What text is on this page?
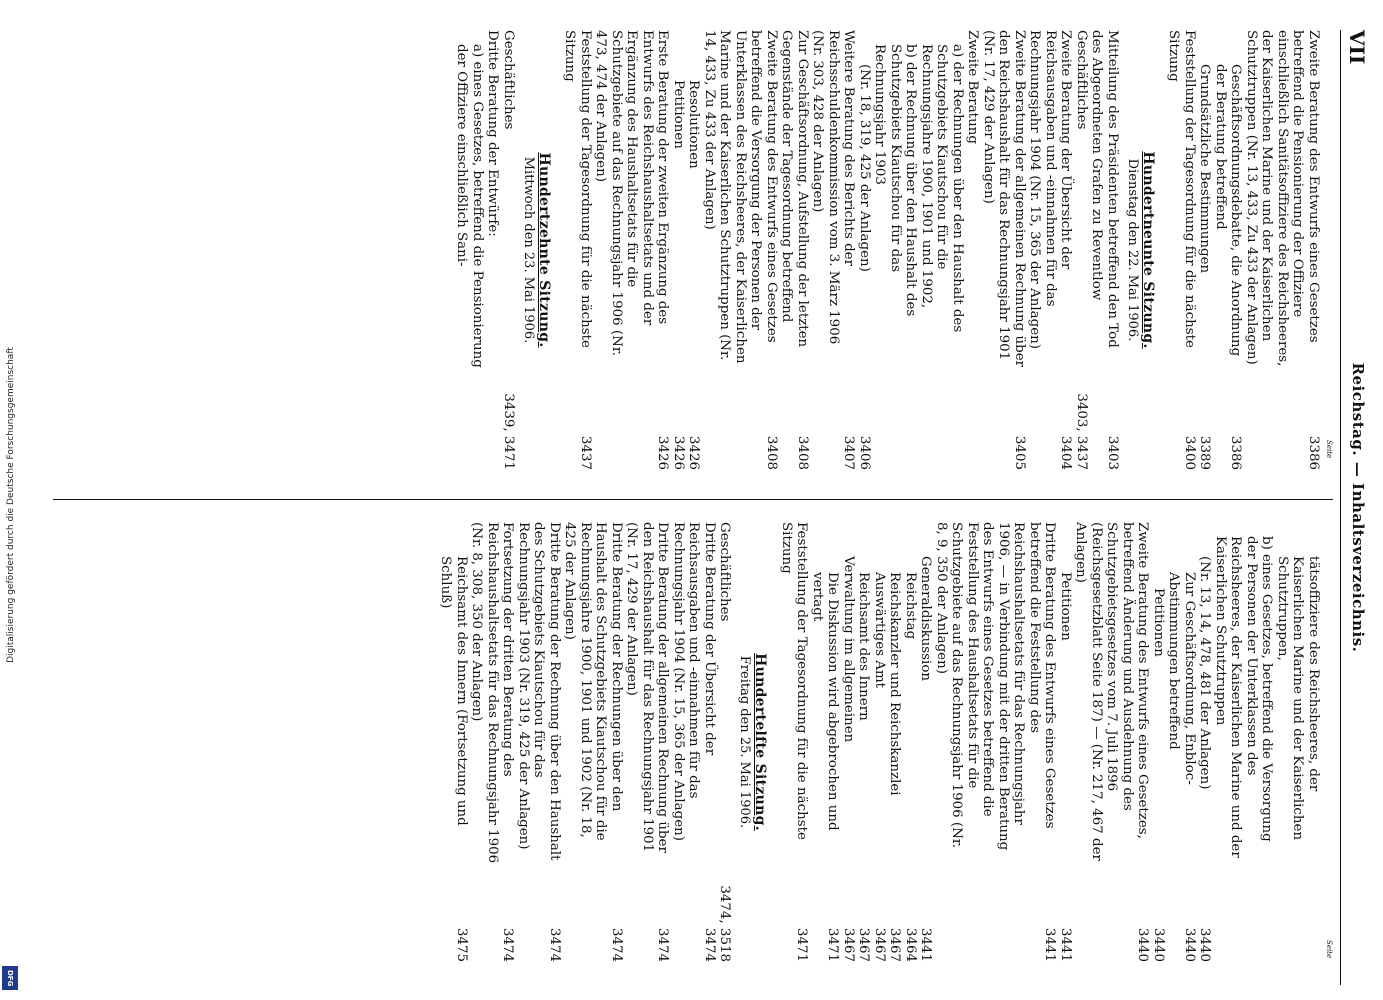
Digitalisierung gefördert durch die Deutsche Forschungsgemeinschaft
DFG
VII
Reichstag. — Inhaltsverzeichnis.
Seite
Seite
Zweite Beratung des Entwurfs eines Gesetzes betreffend die Pensionierung der Offiziere einschließlich Sanitätsoffiziere des Reichsheeres, der Kaiserlichen Marine und der Kaiserlichen Schutztruppen (Nr. 13, 433, Zu 433 der Anlagen)
3386
Geschäftsordnungsdebatte, die Anordnung der Beratung betreffend
3386
Grundsätzliche Bestimmungen
3389
Feststellung der Tagesordnung für die nächste Sitzung
3400
Hundertneunte Sitzung.
Dienstag den 22. Mai 1906.
Mitteilung des Präsidenten betreffend den Tod des Abgeordneten Grafen zu Reventlow
3403
Geschäftliches
3403, 3437
Zweite Beratung der Übersicht der Reichsausgaben und -einnahmen für das Rechnungsjahr 1904 (Nr. 15, 365 der Anlagen)
3404
Zweite Beratung der allgemeinen Rechnung über den Reichshaushalt für das Rechnungsjahr 1901 (Nr. 17, 429 der Anlagen)
3405
Zweite Beratung
a) der Rechnungen über den Haushalt des Schutzgebiets Kiautschou für die Rechnungsjahre 1900, 1901 und 1902,
b) der Rechnung über den Haushalt des Schutzgebiets Kiautschou für das Rechnungsjahr 1903
(Nr. 18, 319, 425 der Anlagen)
3406
Weitere Beratung des Berichts der Reichsschuldenkommission vom 3. März 1906 (Nr. 303, 428 der Anlagen)
3407
Zur Geschäftsordnung, Aufstellung der letzten Gegenstände der Tagesordnung betreffend
3408
Zweite Beratung des Entwurfs eines Gesetzes betreffend die Versorgung der Personen der Unterklassen des Reichsheeres, der Kaiserlichen Marine und der Kaiserlichen Schutztruppen (Nr. 14, 433, Zu 433 der Anlagen)
3408
Resolutionen
3426
Petitionen
3426
Erste Beratung der zweiten Ergänzung des Entwurfs des Reichshaushaltsetats und der Ergänzung des Haushaltsetats für die Schutzgebiete auf das Rechnungsjahr 1906 (Nr. 473, 474 der Anlagen)
3426
Feststellung der Tagesordnung für die nächste Sitzung
3437
Hundertzehnte Sitzung.
Mittwoch den 23. Mai 1906.
Geschäftliches
3439, 3471
Dritte Beratung der Entwürfe:
a) eines Gesetzes, betreffend die Pensionierung der Offiziere einschließlich Sani-
tätsoffiziere des Reichsheeres, der Kaiserlichen Marine und der Kaiserlichen Schutztruppen,
b) eines Gesetzes, betreffend die Versorgung der Personen der Unterklassen des Reichsheeres, der Kaiserlichen Marine und der Kaiserlichen Schutztruppen
(Nr. 13, 14, 478, 481 der Anlagen)
3440
Zur Geschäftsordnung, Enbloc-Abstimmungen betreffend
3440
Petitionen
3440
Zweite Beratung des Entwurfs eines Gesetzes, betreffend Änderung und Ausdehnung des Schutzgebietsgesetzes vom 7. Juli 1896 (Reichsgesetzblatt Seite 187) — (Nr. 217, 467 der Anlagen)
3440
Petitionen
3441
Dritte Beratung des Entwurfs eines Gesetzes betreffend die Feststellung des Reichshaushaltsetats für das Rechnungsjahr 1906, — in Verbindung mit der dritten Beratung des Entwurfs eines Gesetzes betreffend die Feststellung des Haushaltsetats für die Schutzgebiete auf das Rechnungsjahr 1906 (Nr. 8, 9, 350 der Anlagen)
3441
Generaldiskussion
3441
Reichstag
3464
Reichskanzler und Reichskanzlei
3467
Auswärtiges Amt
3467
Reichsamt des Innern
3467
Verwaltung im allgemeinen
3467
Die Diskussion wird abgebrochen und vertagt
3471
Feststellung der Tagesordnung für die nächste Sitzung
3471
Hundertelfte Sitzung.
Freitag den 25. Mai 1906.
Geschäftliches
3474, 3518
Dritte Beratung der Übersicht der Reichsausgaben und -einnahmen für das Rechnungsjahr 1904 (Nr. 15, 365 der Anlagen)
3474
Dritte Beratung der allgemeinen Rechnung über den Reichshaushalt für das Rechnungsjahr 1901 (Nr. 17, 429 der Anlagen)
3474
Dritte Beratung der Rechnungen über den Haushalt des Schutzgebiets Kiautschou für die Rechnungsjahre 1900, 1901 und 1902 (Nr. 18, 425 der Anlagen)
3474
Dritte Beratung der Rechnung über den Haushalt des Schutzgebiets Kiautschou für das Rechnungsjahr 1903 (Nr. 319, 425 der Anlagen)
3474
Fortsetzung der dritten Beratung des Reichshaushaltsetats für das Rechnungsjahr 1906 (Nr. 8, 308, 350 der Anlagen)
3474
Reichsamt des Innern (Fortsetzung und Schluß)
3475
